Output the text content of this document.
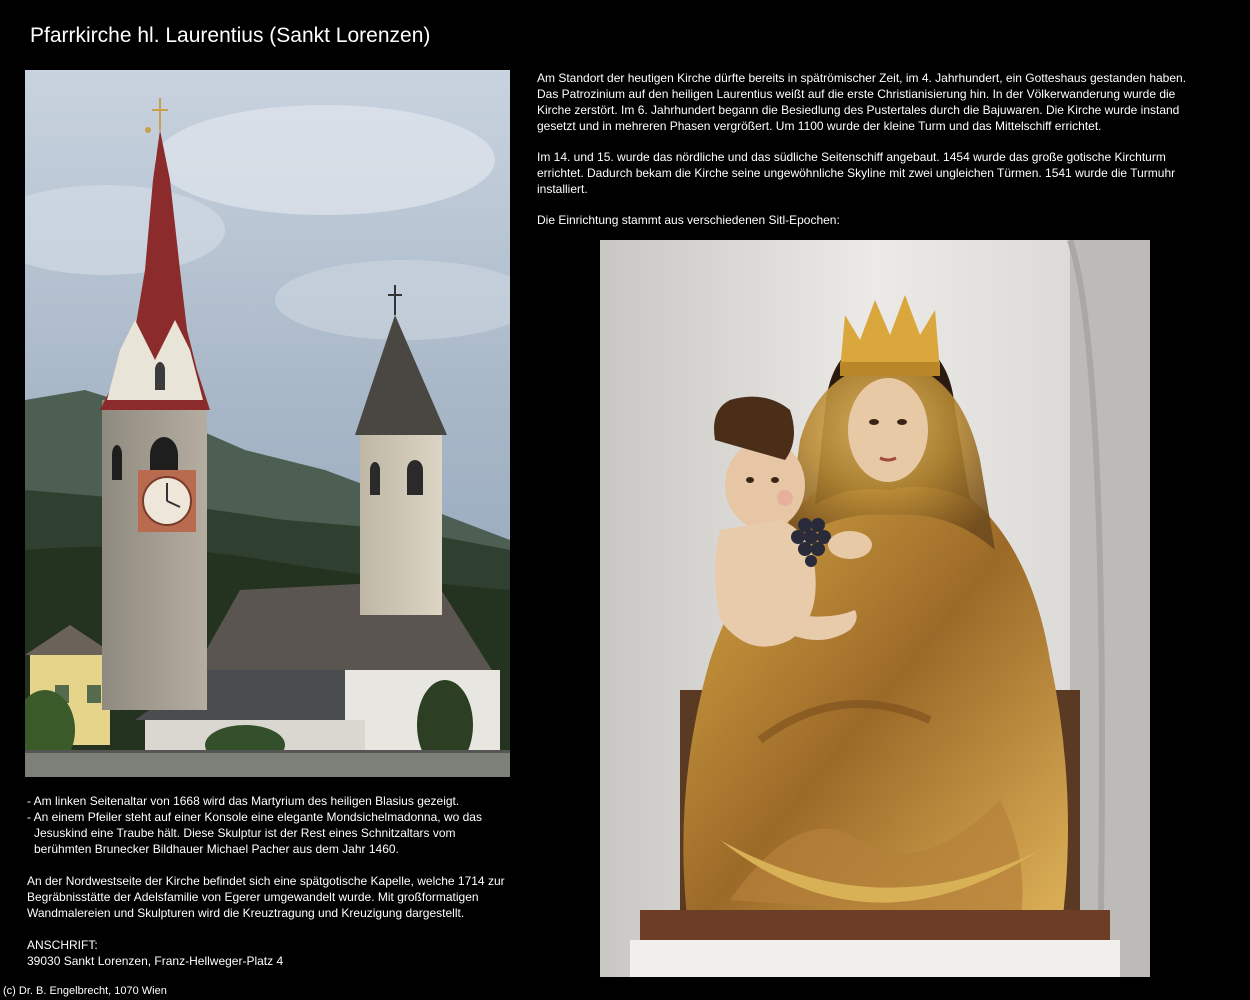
Pfarrkirche hl. Laurentius (Sankt Lorenzen)

Am Standort der heutigen Kirche dürfte bereits in spätrömischer Zeit, im 4. Jahrhundert, ein Gotteshaus gestanden haben. Das Patrozinium auf den heiligen Laurentius weißt auf die erste Christianisierung hin. In der Völkerwanderung wurde die Kirche zerstört. Im 6. Jahrhundert begann die Besiedlung des Pustertales durch die Bajuwaren. Die Kirche wurde instand gesetzt und in mehreren Phasen vergrößert. Um 1100 wurde der kleine Turm und das Mittelschiff errichtet.

Im 14. und 15. wurde das nördliche und das südliche Seitenschiff angebaut. 1454 wurde das große gotische Kirchturm errichtet. Dadurch bekam die Kirche seine ungewöhnliche Skyline mit zwei ungleichen Türmen. 1541 wurde die Turmuhr installiert.

Die Einrichtung stammt aus verschiedenen Sitl-Epochen:

- Am linken Seitenaltar von 1668 wird das Martyrium des heiligen Blasius gezeigt.
- An einem Pfeiler steht auf einer Konsole eine elegante Mondsichelmadonna, wo das Jesuskind eine Traube hält. Diese Skulptur ist der Rest eines Schnitzaltars vom berühmten Brunecker Bildhauer Michael Pacher aus dem Jahr 1460.

An der Nordwestseite der Kirche befindet sich eine spätgotische Kapelle, welche 1714 zur Begräbnisstätte der Adelsfamilie von Egerer umgewandelt wurde. Mit großformatigen Wandmalereien und Skulpturen wird die Kreuztragung und Kreuzigung dargestellt.

ANSCHRIFT:
39030 Sankt Lorenzen, Franz-Hellweger-Platz 4
(c) Dr. B. Engelbrecht, 1070 Wien
